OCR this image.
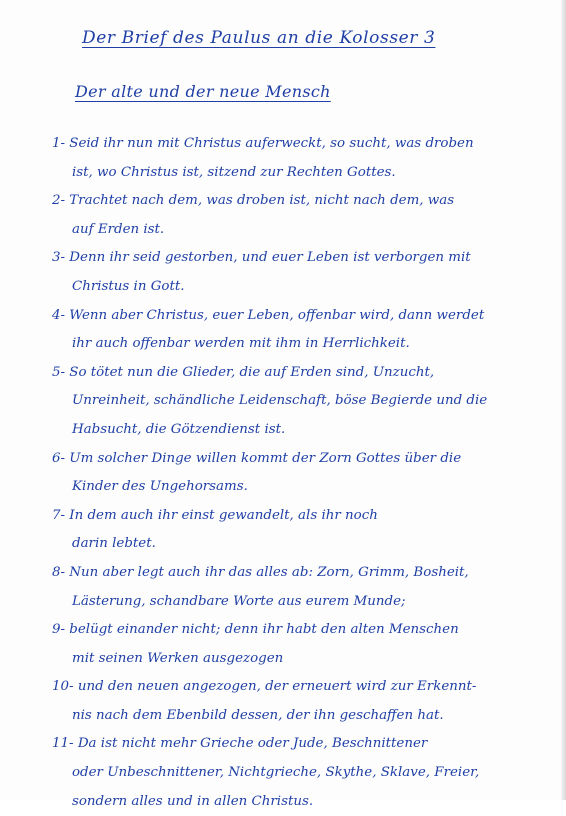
Der Brief des Paulus an die Kolosser 3
Der alte und der neue Mensch
1- Seid ihr nun mit Christus auferweckt, so sucht, was droben
ist, wo Christus ist, sitzend zur Rechten Gottes.
2- Trachtet nach dem, was droben ist, nicht nach dem, was
auf Erden ist.
3- Denn ihr seid gestorben, und euer Leben ist verborgen mit
Christus in Gott.
4- Wenn aber Christus, euer Leben, offenbar wird, dann werdet
ihr auch offenbar werden mit ihm in Herrlichkeit.
5- So tötet nun die Glieder, die auf Erden sind, Unzucht,
Unreinheit, schändliche Leidenschaft, böse Begierde und die
Habsucht, die Götzendienst ist.
6- Um solcher Dinge willen kommt der Zorn Gottes über die
Kinder des Ungehorsams.
7- In dem auch ihr einst gewandelt, als ihr noch
darin lebtet.
8- Nun aber legt auch ihr das alles ab: Zorn, Grimm, Bosheit,
Lästerung, schandbare Worte aus eurem Munde;
9- belügt einander nicht; denn ihr habt den alten Menschen
mit seinen Werken ausgezogen
10- und den neuen angezogen, der erneuert wird zur Erkennt-
nis nach dem Ebenbild dessen, der ihn geschaffen hat.
11- Da ist nicht mehr Grieche oder Jude, Beschnittener
oder Unbeschnittener, Nichtgrieche, Skythe, Sklave, Freier,
sondern alles und in allen Christus.
